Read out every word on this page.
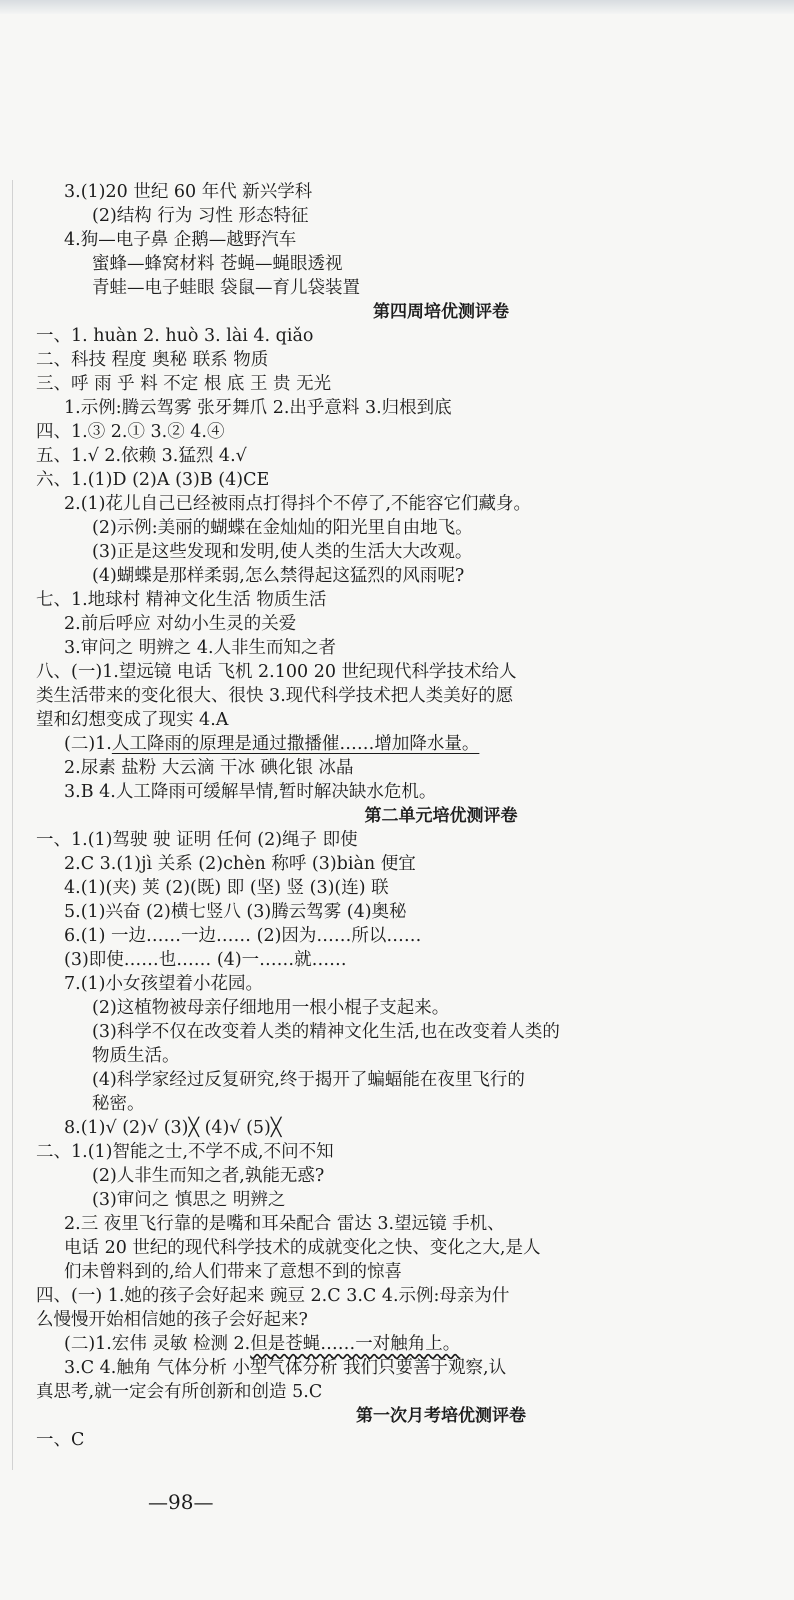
3.(1)20 世纪 60 年代 新兴学科
(2)结构 行为 习性 形态特征
4.狗—电子鼻 企鹅—越野汽车
蜜蜂—蜂窝材料 苍蝇—蝇眼透视
青蛙—电子蛙眼 袋鼠—育儿袋装置
第四周培优测评卷
一、1. huàn 2. huò 3. lài 4. qiǎo
二、科技 程度 奥秘 联系 物质
三、呼 雨 乎 料 不定 根 底 王 贵 无光
1.示例:腾云驾雾 张牙舞爪 2.出乎意料 3.归根到底
四、1.③ 2.① 3.② 4.④
五、1.√ 2.依赖 3.猛烈 4.√
六、1.(1)D (2)A (3)B (4)CE
2.(1)花儿自己已经被雨点打得抖个不停了,不能容它们藏身。
(2)示例:美丽的蝴蝶在金灿灿的阳光里自由地飞。
(3)正是这些发现和发明,使人类的生活大大改观。
(4)蝴蝶是那样柔弱,怎么禁得起这猛烈的风雨呢?
七、1.地球村 精神文化生活 物质生活
2.前后呼应 对幼小生灵的关爱
3.审问之 明辨之 4.人非生而知之者
八、(一)1.望远镜 电话 飞机 2.100 20 世纪现代科学技术给人
类生活带来的变化很大、很快 3.现代科学技术把人类美好的愿
望和幻想变成了现实 4.A
(二)1.人工降雨的原理是通过撒播催……增加降水量。
2.尿素 盐粉 大云滴 干冰 碘化银 冰晶
3.B 4.人工降雨可缓解旱情,暂时解决缺水危机。
第二单元培优测评卷
一、1.(1)驾驶 驶 证明 任何 (2)绳子 即使
2.C 3.(1)jì 关系 (2)chèn 称呼 (3)biàn 便宜
4.(1)(夹) 荚 (2)(既) 即 (坚) 竖 (3)(连) 联
5.(1)兴奋 (2)横七竖八 (3)腾云驾雾 (4)奥秘
6.(1) 一边……一边…… (2)因为……所以……
(3)即使……也…… (4)一……就……
7.(1)小女孩望着小花园。
(2)这植物被母亲仔细地用一根小棍子支起来。
(3)科学不仅在改变着人类的精神文化生活,也在改变着人类的
物质生活。
(4)科学家经过反复研究,终于揭开了蝙蝠能在夜里飞行的
秘密。
8.(1)√ (2)√ (3)╳ (4)√ (5)╳
二、1.(1)智能之士,不学不成,不问不知
(2)人非生而知之者,孰能无惑?
(3)审问之 慎思之 明辨之
2.三 夜里飞行靠的是嘴和耳朵配合 雷达 3.望远镜 手机、
电话 20 世纪的现代科学技术的成就变化之快、变化之大,是人
们未曾料到的,给人们带来了意想不到的惊喜
四、(一) 1.她的孩子会好起来 豌豆 2.C 3.C 4.示例:母亲为什
么慢慢开始相信她的孩子会好起来?
(二)1.宏伟 灵敏 检测 2.但是苍蝇……一对触角上。
3.C 4.触角 气体分析 小型气体分析 我们只要善于观察,认
真思考,就一定会有所创新和创造 5.C
第一次月考培优测评卷
一、C
—98—
